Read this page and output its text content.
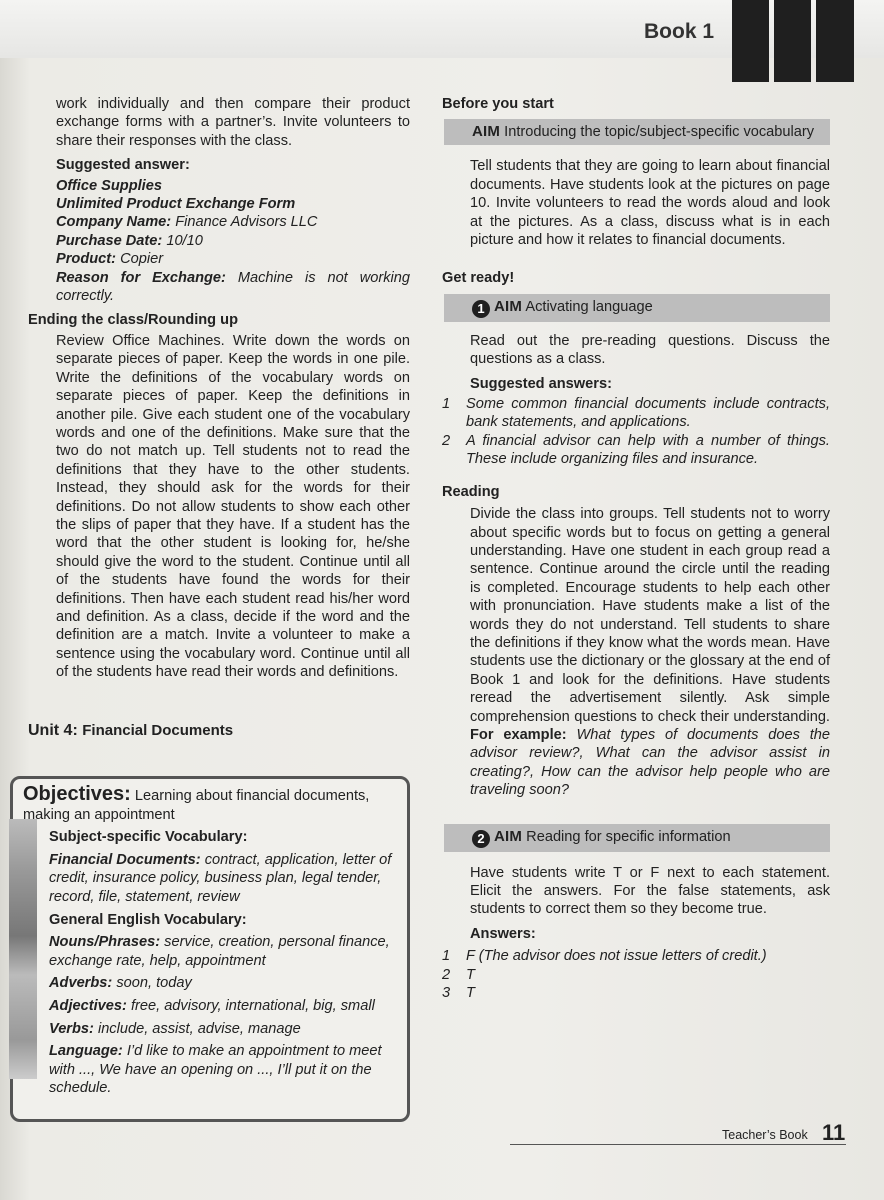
Book 1

work individually and then compare their product exchange forms with a partner’s. Invite volunteers to share their responses with the class.

Suggested answer:

Office Supplies

Unlimited Product Exchange Form

Company Name: Finance Advisors LLC

Purchase Date: 10/10

Product: Copier

Reason for Exchange: Machine is not working correctly.

Ending the class/Rounding up

Review Office Machines. Write down the words on separate pieces of paper. Keep the words in one pile. Write the definitions of the vocabulary words on separate pieces of paper. Keep the definitions in another pile. Give each student one of the vocabulary words and one of the definitions. Make sure that the two do not match up. Tell students not to read the definitions that they have to the other students. Instead, they should ask for the words for their definitions. Do not allow students to show each other the slips of paper that they have. If a student has the word that the other student is looking for, he/she should give the word to the student. Continue until all of the students have found the words for their definitions. Then have each student read his/her word and definition. As a class, decide if the word and the definition are a match. Invite a volunteer to make a sentence using the vocabulary word. Continue until all of the students have read their words and definitions.

Unit 4: Financial Documents

Objectives: Learning about financial documents, making an appointment

Subject-specific Vocabulary:

Financial Documents: contract, application, letter of credit, insurance policy, business plan, legal tender, record, file, statement, review

General English Vocabulary:

Nouns/Phrases: service, creation, personal finance, exchange rate, help, appointment

Adverbs: soon, today

Adjectives: free, advisory, international, big, small

Verbs: include, assist, advise, manage

Language: I’d like to make an appointment to meet with ..., We have an opening on ..., I’ll put it on the schedule.

Before you start

AIM Introducing the topic/subject-specific vocabulary

Tell students that they are going to learn about financial documents. Have students look at the pictures on page 10. Invite volunteers to read the words aloud and look at the pictures. As a class, discuss what is in each picture and how it relates to financial documents.

Get ready!

1 AIM Activating language

Read out the pre-reading questions. Discuss the questions as a class.

Suggested answers:

1 Some common financial documents include contracts, bank statements, and applications.
2 A financial advisor can help with a number of things. These include organizing files and insurance.

Reading

Divide the class into groups. Tell students not to worry about specific words but to focus on getting a general understanding. Have one student in each group read a sentence. Continue around the circle until the reading is completed. Encourage students to help each other with pronunciation. Have students make a list of the words they do not understand. Tell students to share the definitions if they know what the words mean. Have students use the dictionary or the glossary at the end of Book 1 and look for the definitions. Have students reread the advertisement silently. Ask simple comprehension questions to check their understanding. For example: What types of documents does the advisor review?, What can the advisor assist in creating?, How can the advisor help people who are traveling soon?

2 AIM Reading for specific information

Have students write T or F next to each statement. Elicit the answers. For the false statements, ask students to correct them so they become true.

Answers:

1 F (The advisor does not issue letters of credit.)
2 T
3 T
Teacher’s Book 11
